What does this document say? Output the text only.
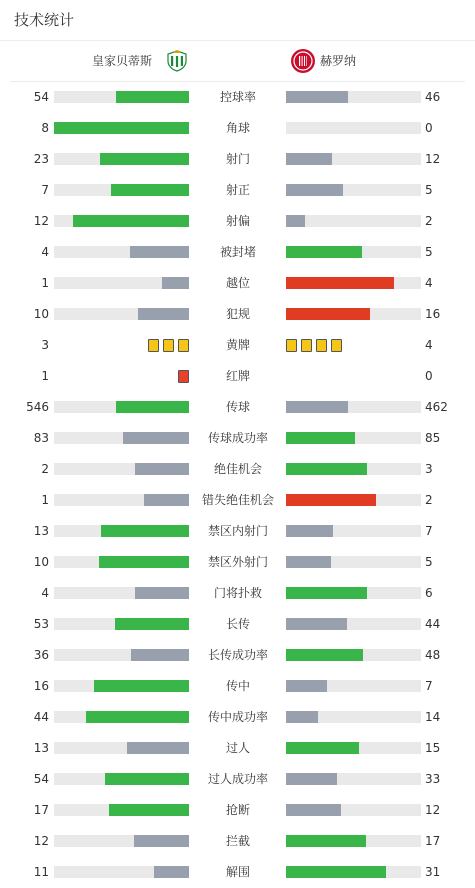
技术统计
皇家贝蒂斯	赫罗纳
54	控球率	46
8	角球	0
23	射门	12
7	射正	5
12	射偏	2
4	被封堵	5
1	越位	4
10	犯规	16
3	黄牌	4
1	红牌	0
546	传球	462
83	传球成功率	85
2	绝佳机会	3
1	错失绝佳机会	2
13	禁区内射门	7
10	禁区外射门	5
4	门将扑救	6
53	长传	44
36	长传成功率	48
16	传中	7
44	传中成功率	14
13	过人	15
54	过人成功率	33
17	抢断	12
12	拦截	17
11	解围	31
